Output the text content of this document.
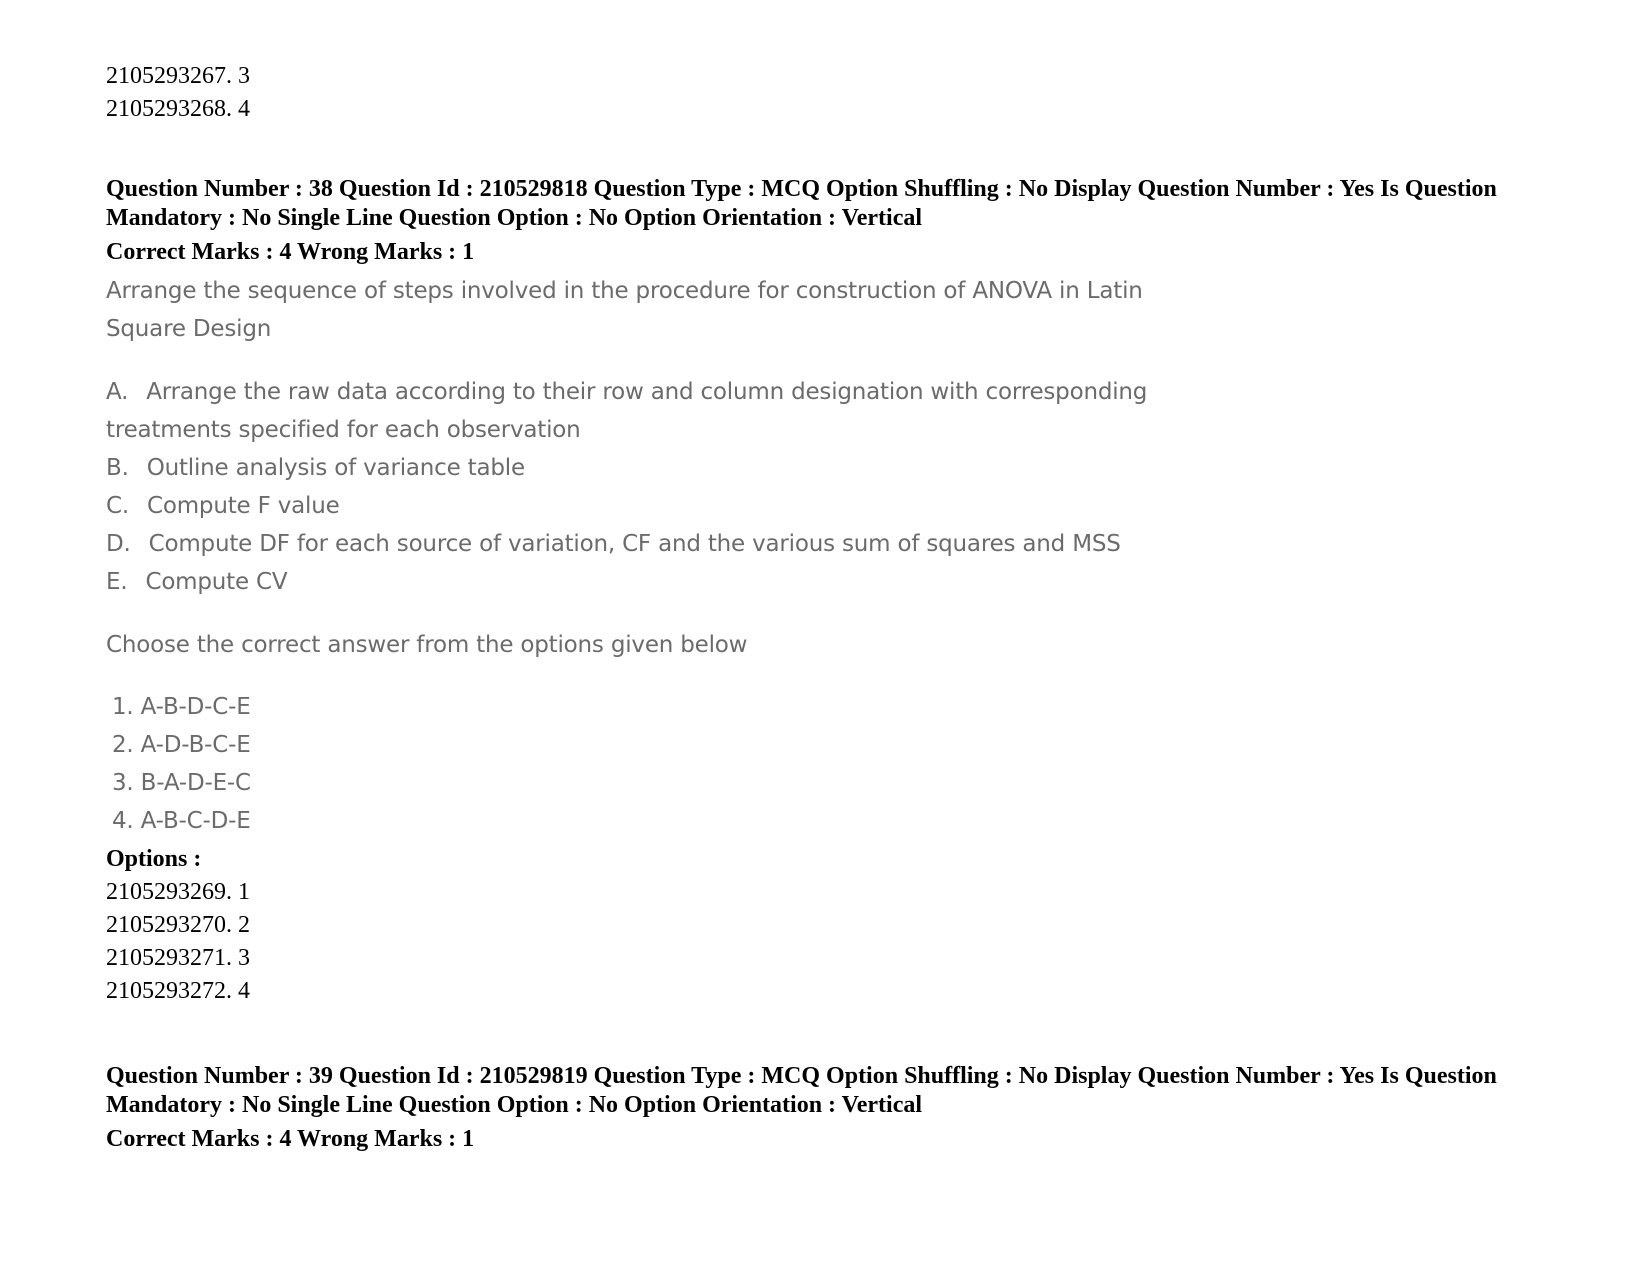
2105293267. 3
2105293268. 4
Question Number : 38 Question Id : 210529818 Question Type : MCQ Option Shuffling : No Display Question Number : Yes Is Question
Mandatory : No Single Line Question Option : No Option Orientation : Vertical
Correct Marks : 4 Wrong Marks : 1
Arrange the sequence of steps involved in the procedure for construction of ANOVA in Latin
Square Design
A. Arrange the raw data according to their row and column designation with corresponding
treatments specified for each observation
B. Outline analysis of variance table
C. Compute F value
D. Compute DF for each source of variation, CF and the various sum of squares and MSS
E. Compute CV
Choose the correct answer from the options given below
1. A-B-D-C-E
2. A-D-B-C-E
3. B-A-D-E-C
4. A-B-C-D-E
Options :
2105293269. 1
2105293270. 2
2105293271. 3
2105293272. 4
Question Number : 39 Question Id : 210529819 Question Type : MCQ Option Shuffling : No Display Question Number : Yes Is Question
Mandatory : No Single Line Question Option : No Option Orientation : Vertical
Correct Marks : 4 Wrong Marks : 1
